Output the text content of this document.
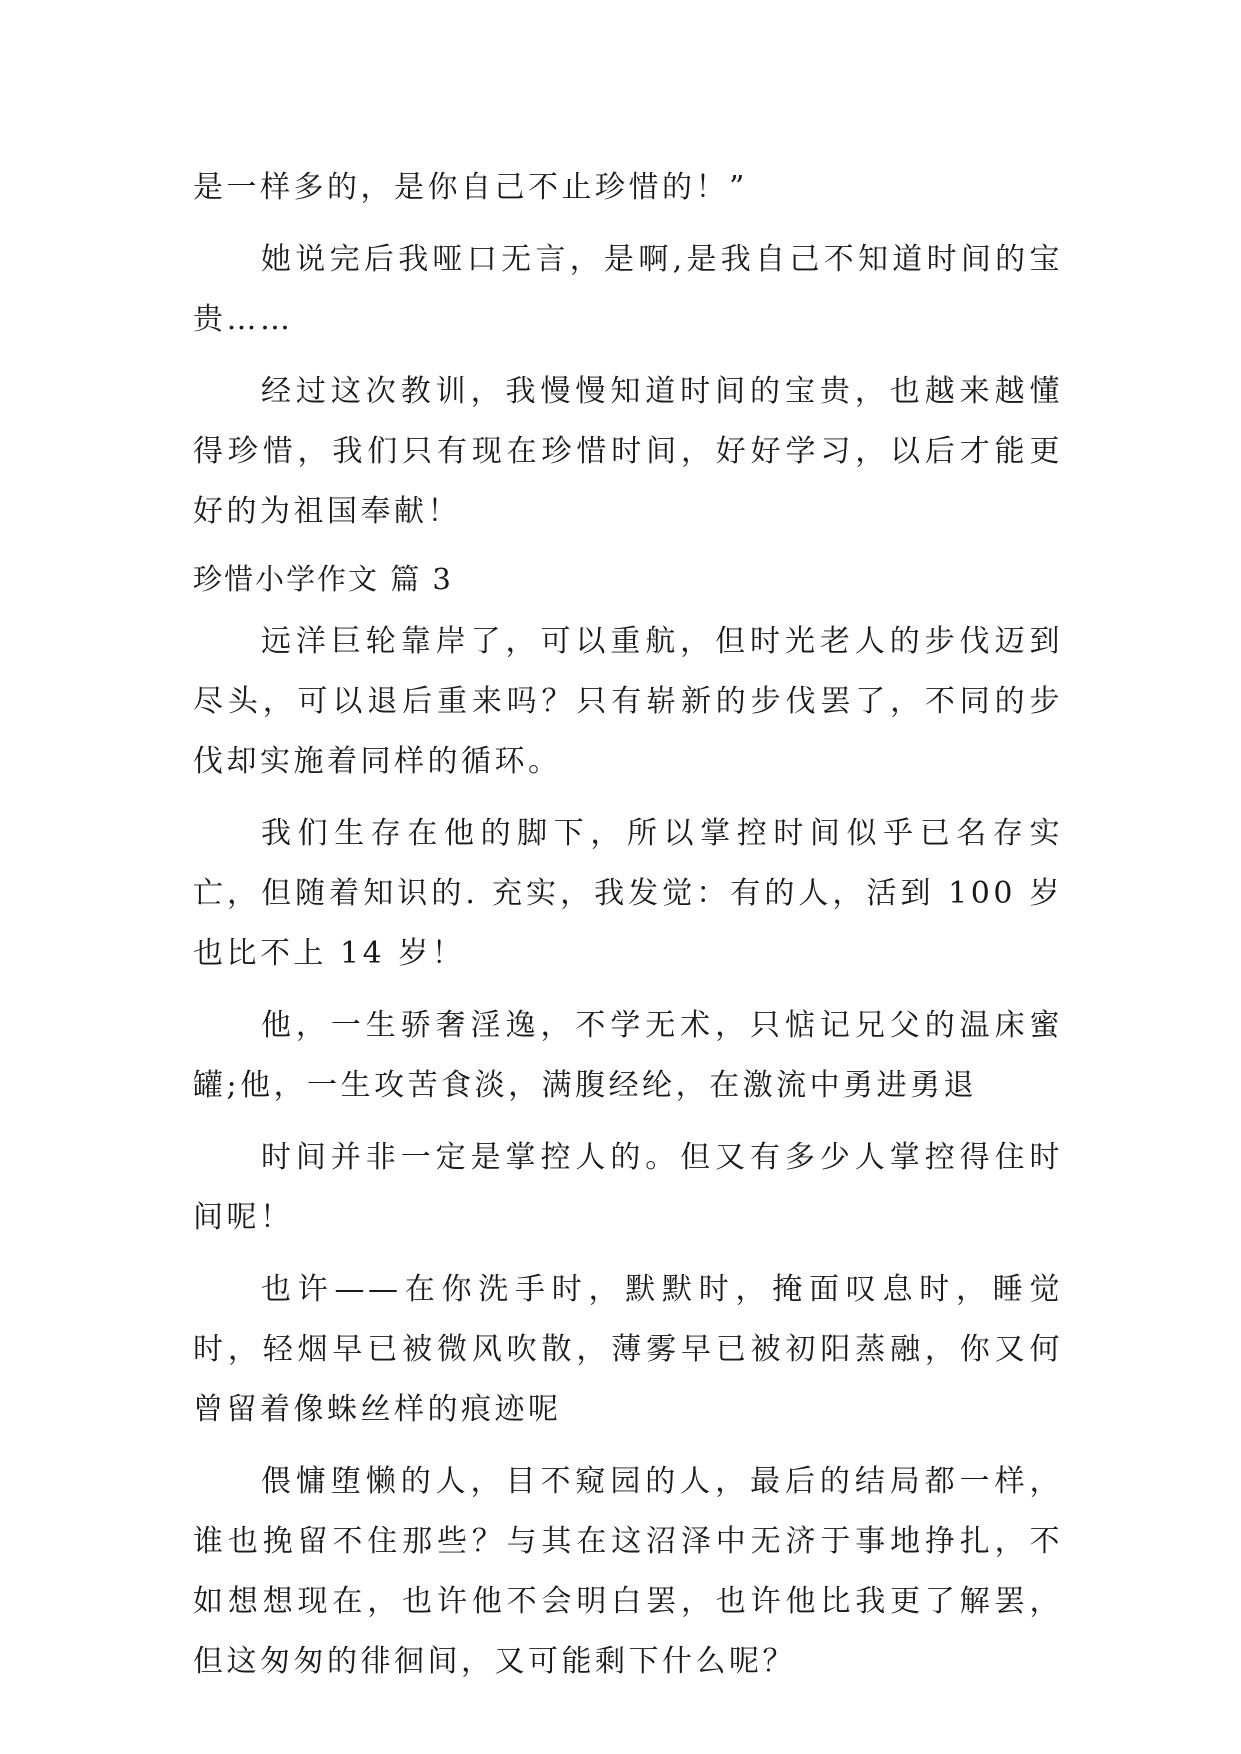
是一样多的，是你自己不止珍惜的！”

她说完后我哑口无言，是啊,是我自己不知道时间的宝贵……

经过这次教训，我慢慢知道时间的宝贵，也越来越懂得珍惜，我们只有现在珍惜时间，好好学习，以后才能更好的为祖国奉献！

珍惜小学作文 篇 3

远洋巨轮靠岸了，可以重航，但时光老人的步伐迈到尽头，可以退后重来吗？只有崭新的步伐罢了，不同的步伐却实施着同样的循环。

我们生存在他的脚下，所以掌控时间似乎已名存实亡，但随着知识的. 充实，我发觉：有的人，活到 100 岁也比不上 14 岁！

他，一生骄奢淫逸，不学无术，只惦记兄父的温床蜜罐;他，一生攻苦食淡，满腹经纶，在激流中勇进勇退

时间并非一定是掌控人的。但又有多少人掌控得住时间呢！

也许——在你洗手时，默默时，掩面叹息时，睡觉时，轻烟早已被微风吹散，薄雾早已被初阳蒸融，你又何曾留着像蛛丝样的痕迹呢

偎慵堕懒的人，目不窥园的人，最后的结局都一样，谁也挽留不住那些？与其在这沼泽中无济于事地挣扎，不如想想现在，也许他不会明白罢，也许他比我更了解罢，但这匆匆的徘徊间，又可能剩下什么呢？
